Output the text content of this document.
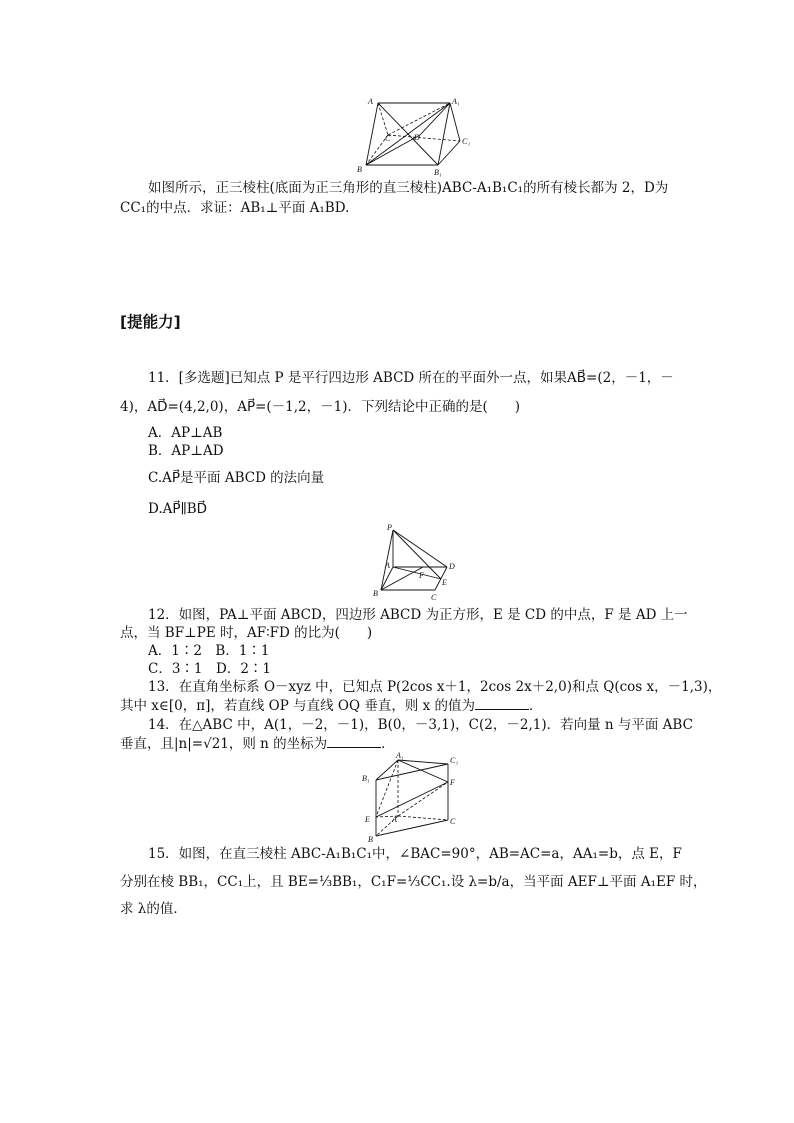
A	A₁
C	D	C₁
B	B₁
如图所示，正三棱柱(底面为正三角形的直三棱柱)ABC-A₁B₁C₁的所有棱长都为 2，D为
CC₁的中点．求证：AB₁⊥平面 A₁BD.
[提能力]
11．[多选题]已知点 P 是平行四边形 ABCD 所在的平面外一点，如果AB⃗=(2，－1，－
4)，AD⃗=(4,2,0)，AP⃗=(－1,2，－1)．下列结论中正确的是(　　)
A．AP⊥AB
B．AP⊥AD
C.AP⃗是平面 ABCD 的法向量
D.AP⃗∥BD⃗
P
A	D
F
E
B	C
12．如图，PA⊥平面 ABCD，四边形 ABCD 为正方形，E 是 CD 的中点，F 是 AD 上一
点，当 BF⊥PE 时，AF∶FD 的比为(　　)
A．1∶2　B．1∶1
C．3∶1　D．2∶1
13．在直角坐标系 O－xyz 中，已知点 P(2cos x＋1，2cos 2x＋2,0)和点 Q(cos x，－1,3)，
其中 x∈[0，π]，若直线 OP 与直线 OQ 垂直，则 x 的值为	．
14．在△ABC 中，A(1，－2，－1)，B(0，－3,1)，C(2，－2,1)．若向量 n 与平面 ABC
垂直，且|n|=√21，则 n 的坐标为	．
A₁
C₁
B₁	F
E	A	C
B
15．如图，在直三棱柱 ABC-A₁B₁C₁中，∠BAC=90°，AB=AC=a，AA₁=b，点 E，F
分别在棱 BB₁，CC₁上，且 BE=⅓BB₁，C₁F=⅓CC₁.设 λ=b/a，当平面 AEF⊥平面 A₁EF 时，
求 λ的值．
